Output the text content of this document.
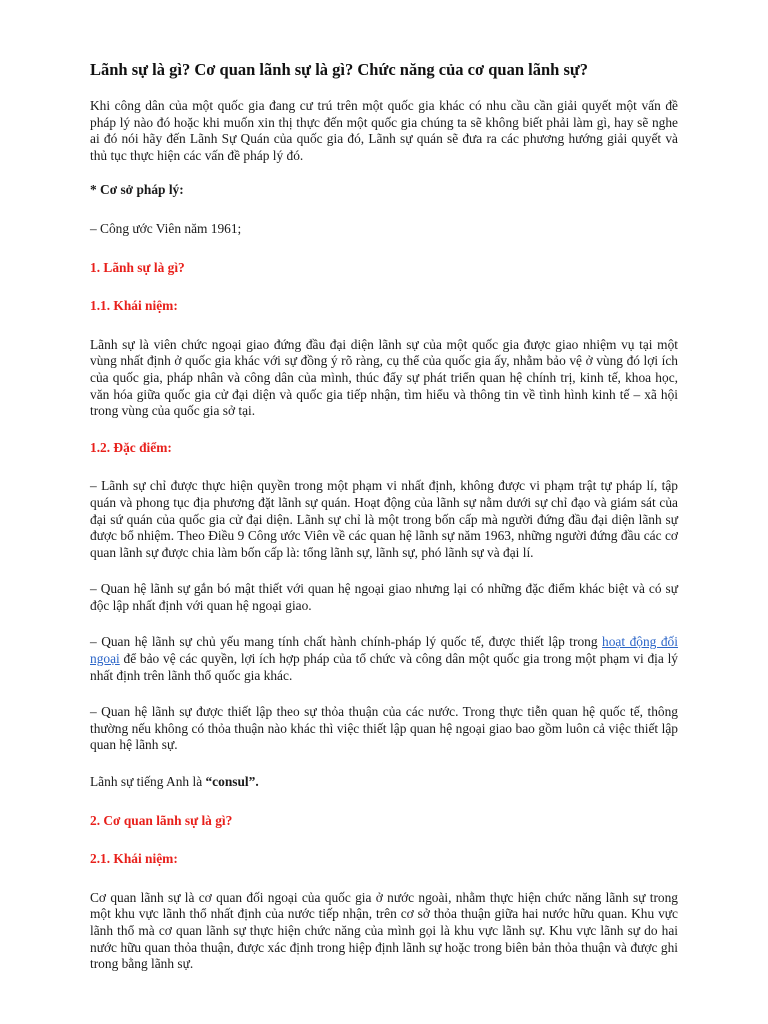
Lãnh sự là gì? Cơ quan lãnh sự là gì? Chức năng của cơ quan lãnh sự?

Khi công dân của một quốc gia đang cư trú trên một quốc gia khác có nhu cầu cần giải quyết một vấn đề pháp lý nào đó hoặc khi muốn xin thị thực đến một quốc gia chúng ta sẽ không biết phải làm gì, hay sẽ nghe ai đó nói hãy đến Lãnh Sự Quán của quốc gia đó, Lãnh sự quán sẽ đưa ra các phương hướng giải quyết và thủ tục thực hiện các vấn đề pháp lý đó.

* Cơ sở pháp lý:

– Công ước Viên năm 1961;

1. Lãnh sự là gì?

1.1. Khái niệm:

Lãnh sự là viên chức ngoại giao đứng đầu đại diện lãnh sự của một quốc gia được giao nhiệm vụ tại một vùng nhất định ở quốc gia khác với sự đồng ý rõ ràng, cụ thể của quốc gia ấy, nhằm bảo vệ ở vùng đó lợi ích của quốc gia, pháp nhân và công dân của mình, thúc đẩy sự phát triển quan hệ chính trị, kinh tế, khoa học, văn hóa giữa quốc gia cử đại diện và quốc gia tiếp nhận, tìm hiểu và thông tin về tình hình kinh tế – xã hội trong vùng của quốc gia sở tại.

1.2. Đặc điểm:

– Lãnh sự chỉ được thực hiện quyền trong một phạm vi nhất định, không được vi phạm trật tự pháp lí, tập quán và phong tục địa phương đặt lãnh sự quán. Hoạt động của lãnh sự nằm dưới sự chỉ đạo và giám sát của đại sứ quán của quốc gia cử đại diện. Lãnh sự chỉ là một trong bốn cấp mà người đứng đầu đại diện lãnh sự được bổ nhiệm. Theo Điều 9 Công ước Viên về các quan hệ lãnh sự năm 1963, những người đứng đầu các cơ quan lãnh sự được chia làm bốn cấp là: tổng lãnh sự, lãnh sự, phó lãnh sự và đại lí.

– Quan hệ lãnh sự gắn bó mật thiết với quan hệ ngoại giao nhưng lại có những đặc điểm khác biệt và có sự độc lập nhất định với quan hệ ngoại giao.

– Quan hệ lãnh sự chủ yếu mang tính chất hành chính-pháp lý quốc tế, được thiết lập trong hoạt động đối ngoại để bảo vệ các quyền, lợi ích hợp pháp của tổ chức và công dân một quốc gia trong một phạm vi địa lý nhất định trên lãnh thổ quốc gia khác.

– Quan hệ lãnh sự được thiết lập theo sự thỏa thuận của các nước. Trong thực tiễn quan hệ quốc tế, thông thường nếu không có thỏa thuận nào khác thì việc thiết lập quan hệ ngoại giao bao gồm luôn cả việc thiết lập quan hệ lãnh sự.

Lãnh sự tiếng Anh là “consul”.

2. Cơ quan lãnh sự là gì?

2.1. Khái niệm:

Cơ quan lãnh sự là cơ quan đối ngoại của quốc gia ở nước ngoài, nhằm thực hiện chức năng lãnh sự trong một khu vực lãnh thổ nhất định của nước tiếp nhận, trên cơ sở thỏa thuận giữa hai nước hữu quan. Khu vực lãnh thổ mà cơ quan lãnh sự thực hiện chức năng của mình gọi là khu vực lãnh sự. Khu vực lãnh sự do hai nước hữu quan thỏa thuận, được xác định trong hiệp định lãnh sự hoặc trong biên bản thỏa thuận và được ghi trong bằng lãnh sự.
